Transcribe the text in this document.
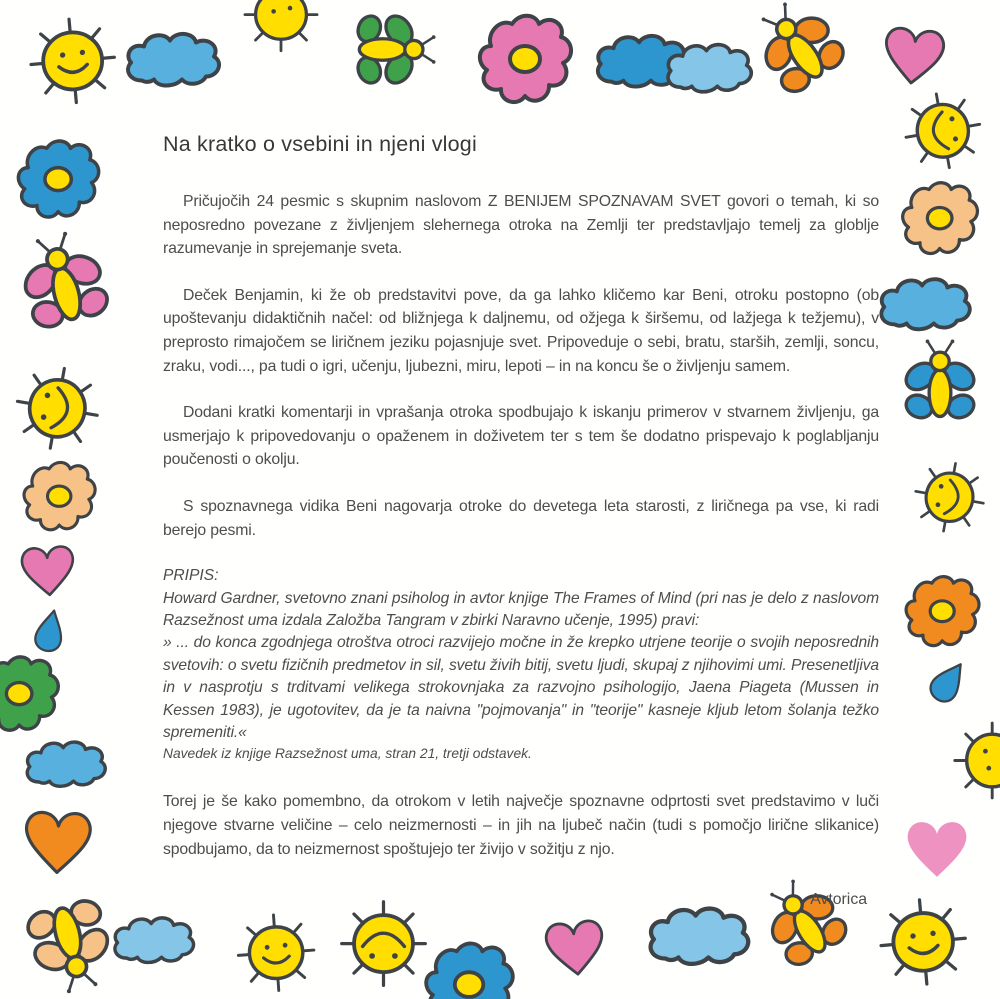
Na kratko o vsebini in njeni vlogi

Pričujočih 24 pesmic s skupnim naslovom Z BENIJEM SPOZNAVAM SVET govori o temah, ki so neposredno povezane z življenjem slehernega otroka na Zemlji ter predstavljajo temelj za globlje razumevanje in sprejemanje sveta.

Deček Benjamin, ki že ob predstavitvi pove, da ga lahko kličemo kar Beni, otroku postopno (ob upoštevanju didaktičnih načel: od bližnjega k daljnemu, od ožjega k širšemu, od lažjega k težjemu), v preprosto rimajočem se liričnem jeziku pojasnjuje svet. Pripoveduje o sebi, bratu, starših, zemlji, soncu, zraku, vodi..., pa tudi o igri, učenju, ljubezni, miru, lepoti – in na koncu še o življenju samem.

Dodani kratki komentarji in vprašanja otroka spodbujajo k iskanju primerov v stvarnem življenju, ga usmerjajo k pripovedovanju o opaženem in doživetem ter s tem še dodatno prispevajo k poglabljanju poučenosti o okolju.

S spoznavnega vidika Beni nagovarja otroke do devetega leta starosti, z liričnega pa vse, ki radi berejo pesmi.

PRIPIS:

Howard Gardner, svetovno znani psiholog in avtor knjige The Frames of Mind (pri nas je delo z naslovom Razsežnost uma izdala Založba Tangram v zbirki Naravno učenje, 1995) pravi:

» ... do konca zgodnjega otroštva otroci razvijejo močne in že krepko utrjene teorije o svojih neposrednih svetovih: o svetu fizičnih predmetov in sil, svetu živih bitij, svetu ljudi, skupaj z njihovimi umi. Presenetljiva in v nasprotju s trditvami velikega strokovnjaka za razvojno psihologijo, Jaena Piageta (Mussen in Kessen 1983), je ugotovitev, da je ta naivna "pojmovanja" in "teorije" kasneje kljub letom šolanja težko spremeniti.«

Navedek iz knjige Razsežnost uma, stran 21, tretji odstavek.

Torej je še kako pomembno, da otrokom v letih največje spoznavne odprtosti svet predstavimo v luči njegove stvarne veličine – celo neizmernosti – in jih na ljubeč način (tudi s pomočjo lirične slikanice) spodbujamo, da to neizmernost spoštujejo ter živijo v sožitju z njo.

Avtorica
